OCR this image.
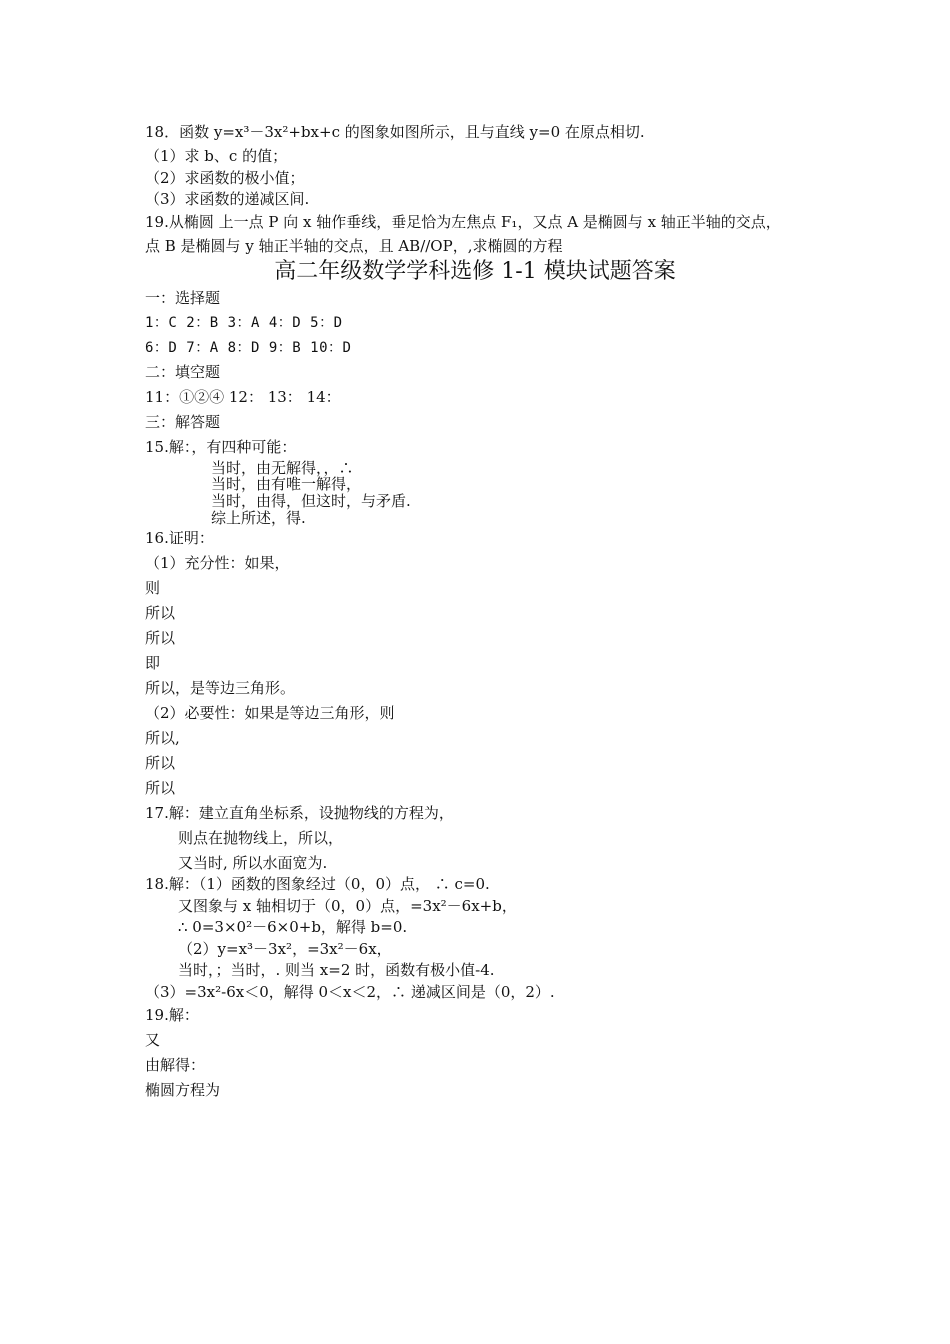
18．函数 y=x³－3x²+bx+c 的图象如图所示，且与直线 y=0 在原点相切.
（1）求 b、c 的值；
（2）求函数的极小值；
（3）求函数的递减区间.
19.从椭圆 上一点 P 向 x 轴作垂线，垂足恰为左焦点 F₁，又点 A 是椭圆与 x 轴正半轴的交点，
点 B 是椭圆与 y 轴正半轴的交点，且 AB//OP，,求椭圆的方程
高二年级数学学科选修 1-1 模块试题答案
一：选择题
1：C 2：B 3：A 4：D 5：D
6：D 7：A 8：D 9：B 10：D
二：填空题
11：①②④ 12： 13： 14：
三：解答题
15.解：，有四种可能：
当时，由无解得，，∴
当时，由有唯一解得，
当时，由得，但这时，与矛盾.
综上所述，得.
16.证明：
（1）充分性：如果，
则
所以
所以
即
所以，是等边三角形。
（2）必要性：如果是等边三角形，则
所以,
所以
所以
17.解：建立直角坐标系，设抛物线的方程为，
则点在抛物线上，所以，
又当时, 所以水面宽为.
18.解：（1）函数的图象经过（0，0）点， ∴ c=0.
又图象与 x 轴相切于（0，0）点，=3x²－6x+b，
∴ 0=3×0²－6×0+b，解得 b=0.
（2）y=x³－3x²，=3x²－6x，
当时，；当时，. 则当 x=2 时，函数有极小值-4.
（3）=3x²-6x＜0，解得 0＜x＜2，∴ 递减区间是（0，2）.
19.解：
又
由解得：
椭圆方程为
